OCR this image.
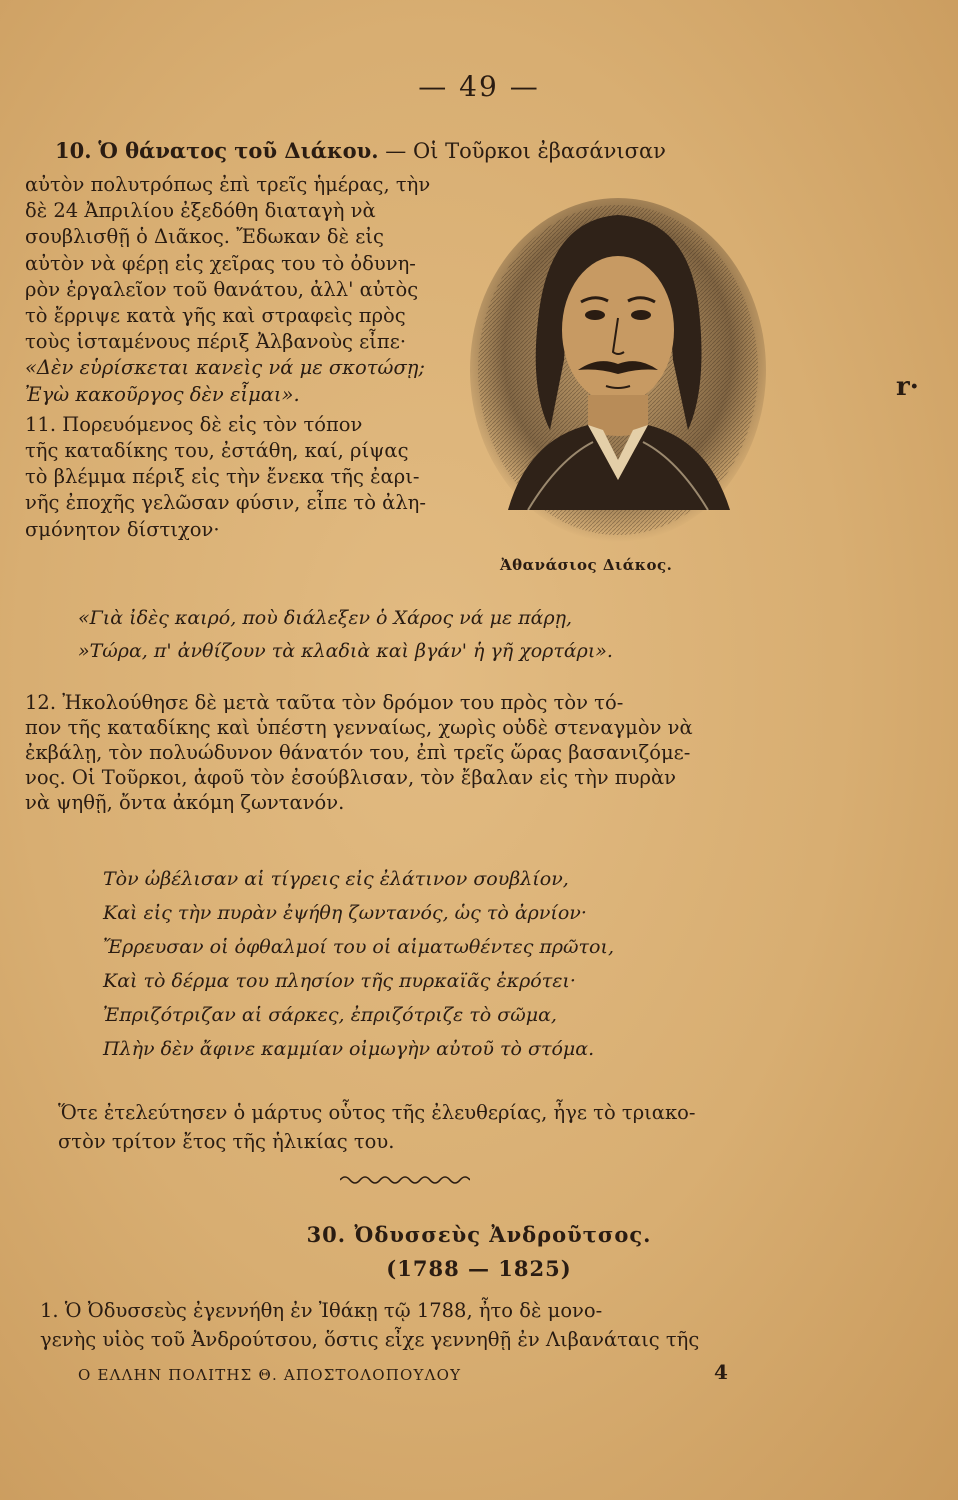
— 49 —
10. Ὁ θάνατος τοῦ Διάκου. — Οἱ Τοῦρκοι ἐβασάνισαν
αὐτὸν πολυτρόπως ἐπὶ τρεῖς ἡμέρας, τὴν
δὲ 24 Ἀπριλίου ἐξεδόθη διαταγὴ νὰ
σουβλισθῇ ὁ Διᾶκος. Ἔδωκαν δὲ εἰς
αὐτὸν νὰ φέρῃ εἰς χεῖρας του τὸ ὀδυνη-
ρὸν ἐργαλεῖον τοῦ θανάτου, ἀλλ' αὐτὸς
τὸ ἔρριψε κατὰ γῆς καὶ στραφεὶς πρὸς
τοὺς ἱσταμένους πέριξ Ἀλβανοὺς εἶπε·
«Δὲν εὑρίσκεται κανεὶς νά με σκοτώσῃ;
Ἐγὼ κακοῦργος δὲν εἶμαι».
11. Πορευόμενος δὲ εἰς τὸν τόπον
τῆς καταδίκης του, ἐστάθη, καί, ρίψας
τὸ βλέμμα πέριξ εἰς τὴν ἔνεκα τῆς ἐαρι-
νῆς ἐποχῆς γελῶσαν φύσιν, εἶπε τὸ ἀλη-
σμόνητον δίστιχον·
Ἀθανάσιος Διάκος.
r·
«Γιὰ ἰδὲς καιρό, ποὺ διάλεξεν ὁ Χάρος νά με πάρῃ,
»Τώρα, π' ἀνθίζουν τὰ κλαδιὰ καὶ βγάν' ἡ γῆ χορτάρι».
12. Ἠκολούθησε δὲ μετὰ ταῦτα τὸν δρόμον του πρὸς τὸν τό-
πον τῆς καταδίκης καὶ ὑπέστη γενναίως, χωρὶς οὐδὲ στεναγμὸν νὰ
ἐκβάλῃ, τὸν πολυώδυνον θάνατόν του, ἐπὶ τρεῖς ὥρας βασανιζόμε-
νος. Οἱ Τοῦρκοι, ἀφοῦ τὸν ἐσούβλισαν, τὸν ἔβαλαν εἰς τὴν πυρὰν
νὰ ψηθῇ, ὄντα ἀκόμη ζωντανόν.
Τὸν ὠβέλισαν αἱ τίγρεις εἰς ἐλάτινον σουβλίον,
Καὶ εἰς τὴν πυρὰν ἐψήθη ζωντανός, ὡς τὸ ἀρνίον·
Ἔρρευσαν οἱ ὀφθαλμοί του οἱ αἱματωθέντες πρῶτοι,
Καὶ τὸ δέρμα του πλησίον τῆς πυρκαϊᾶς ἐκρότει·
Ἐπριζότριζαν αἱ σάρκες, ἐπριζότριζε τὸ σῶμα,
Πλὴν δὲν ἄφινε καμμίαν οἰμωγὴν αὐτοῦ τὸ στόμα.
Ὅτε ἐτελεύτησεν ὁ μάρτυς οὗτος τῆς ἐλευθερίας, ἦγε τὸ τριακο-
στὸν τρίτον ἔτος τῆς ἡλικίας του.
30. Ὀδυσσεὺς Ἀνδροῦτσος.
(1788 — 1825)
1. Ὁ Ὀδυσσεὺς ἐγεννήθη ἐν Ἰθάκῃ τῷ 1788, ἦτο δὲ μονο-
γενὴς υἱὸς τοῦ Ἀνδρούτσου, ὅστις εἶχε γεννηθῇ ἐν Λιβανάταις τῆς
Ο ΕΛΛΗΝ ΠΟΛΙΤΗΣ Θ. ΑΠΟΣΤΟΛΟΠΟΥΛΟΥ	4
